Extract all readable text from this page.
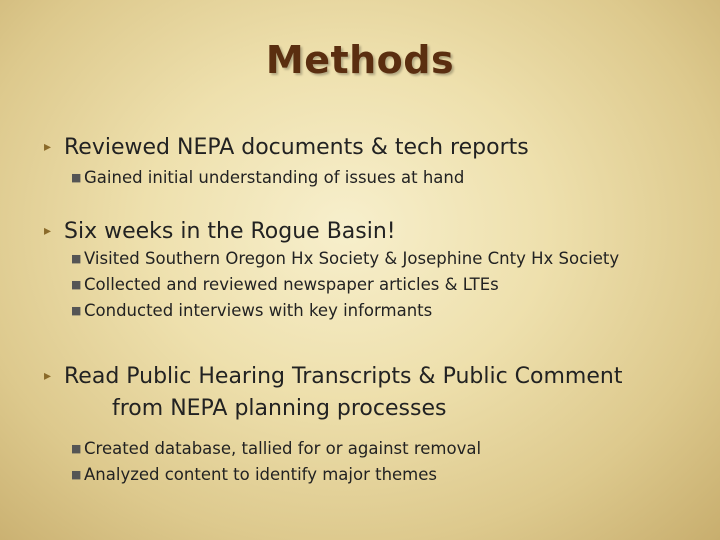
Methods
▸ Reviewed NEPA documents & tech reports
■ Gained initial understanding of issues at hand
▸ Six weeks in the Rogue Basin!
■ Visited Southern Oregon Hx Society & Josephine Cnty Hx Society
■ Collected and reviewed newspaper articles & LTEs
■ Conducted interviews with key informants
▸ Read Public Hearing Transcripts & Public Comment
from NEPA planning processes
■ Created database, tallied for or against removal
■ Analyzed content to identify major themes
